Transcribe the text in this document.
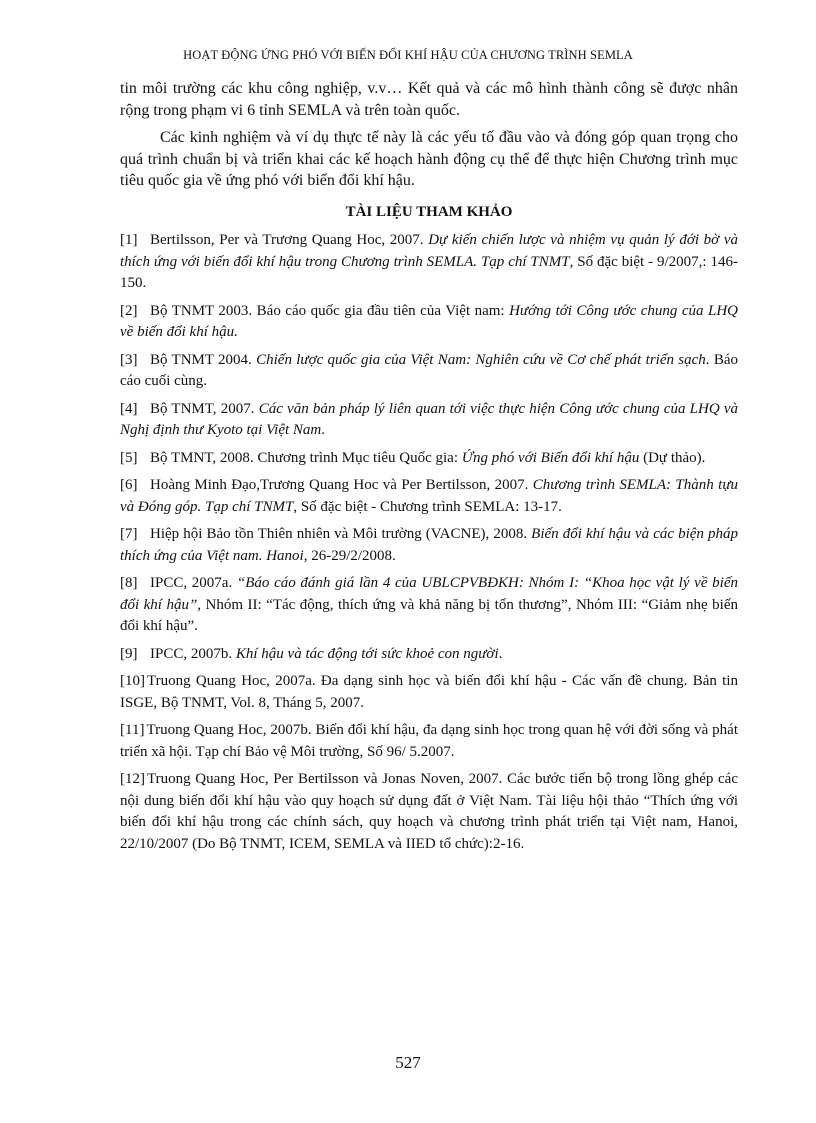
HOẠT ĐỘNG ỨNG PHÓ VỚI BIẾN ĐỔI KHÍ HẬU CỦA CHƯƠNG TRÌNH SEMLA

tin môi trường các khu công nghiệp, v.v… Kết quả và các mô hình thành công sẽ được nhân rộng trong phạm vi 6 tỉnh SEMLA và trên toàn quốc.

Các kinh nghiệm và ví dụ thực tế này là các yếu tố đầu vào và đóng góp quan trọng cho quá trình chuẩn bị và triển khai các kế hoạch hành động cụ thể để thực hiện Chương trình mục tiêu quốc gia về ứng phó với biến đổi khí hậu.

TÀI LIỆU THAM KHẢO

[1] Bertilsson, Per và Trương Quang Hoc, 2007. Dự kiến chiến lược và nhiệm vụ quản lý đới bờ và thích ứng với biến đổi khí hậu trong Chương trình SEMLA. Tạp chí TNMT, Số đặc biệt - 9/2007,: 146-150.

[2] Bộ TNMT 2003. Báo cáo quốc gia đầu tiên của Việt nam: Hướng tới Công ước chung của LHQ về biến đổi khí hậu.

[3] Bộ TNMT 2004. Chiến lược quốc gia của Việt Nam: Nghiên cứu về Cơ chế phát triển sạch. Báo cáo cuối cùng.

[4] Bộ TNMT, 2007. Các văn bản pháp lý liên quan tới việc thực hiện Công ước chung của LHQ và Nghị định thư Kyoto tại Việt Nam.

[5] Bộ TMNT, 2008. Chương trình Mục tiêu Quốc gia: Ứng phó với Biến đổi khí hậu (Dự thảo).

[6] Hoàng Minh Đạo,Trương Quang Hoc và Per Bertilsson, 2007. Chương trình SEMLA: Thành tựu và Đóng góp. Tạp chí TNMT, Số đặc biệt - Chương trình SEMLA: 13-17.

[7] Hiệp hội Bảo tồn Thiên nhiên và Môi trường (VACNE), 2008. Biến đổi khí hậu và các biện pháp thích ứng của Việt nam. Hanoi, 26-29/2/2008.

[8] IPCC, 2007a. “Báo cáo đánh giá lần 4 của UBLCPVBĐKH: Nhóm I: “Khoa học vật lý về biến đổi khí hậu”, Nhóm II: “Tác động, thích ứng và khả năng bị tổn thương”, Nhóm III: “Giảm nhẹ biến đổi khí hậu”.

[9] IPCC, 2007b. Khí hậu và tác động tới sức khoẻ con người.

[10] Truong Quang Hoc, 2007a. Đa dạng sinh học và biến đổi khí hậu - Các vấn đề chung. Bản tin ISGE, Bộ TNMT, Vol. 8, Tháng 5, 2007.

[11] Truong Quang Hoc, 2007b. Biến đổi khí hậu, đa dạng sinh học trong quan hệ với đời sống và phát triển xã hội. Tạp chí Bảo vệ Môi trường, Số 96/ 5.2007.

[12] Truong Quang Hoc, Per Bertilsson và Jonas Noven, 2007. Các bước tiến bộ trong lồng ghép các nội dung biến đổi khí hậu vào quy hoạch sử dụng đất ở Việt Nam. Tài liệu hội thảo “Thích ứng với biến đổi khí hậu trong các chính sách, quy hoạch và chương trình phát triển tại Việt nam, Hanoi, 22/10/2007 (Do Bộ TNMT, ICEM, SEMLA và IIED tổ chức):2-16.

527
